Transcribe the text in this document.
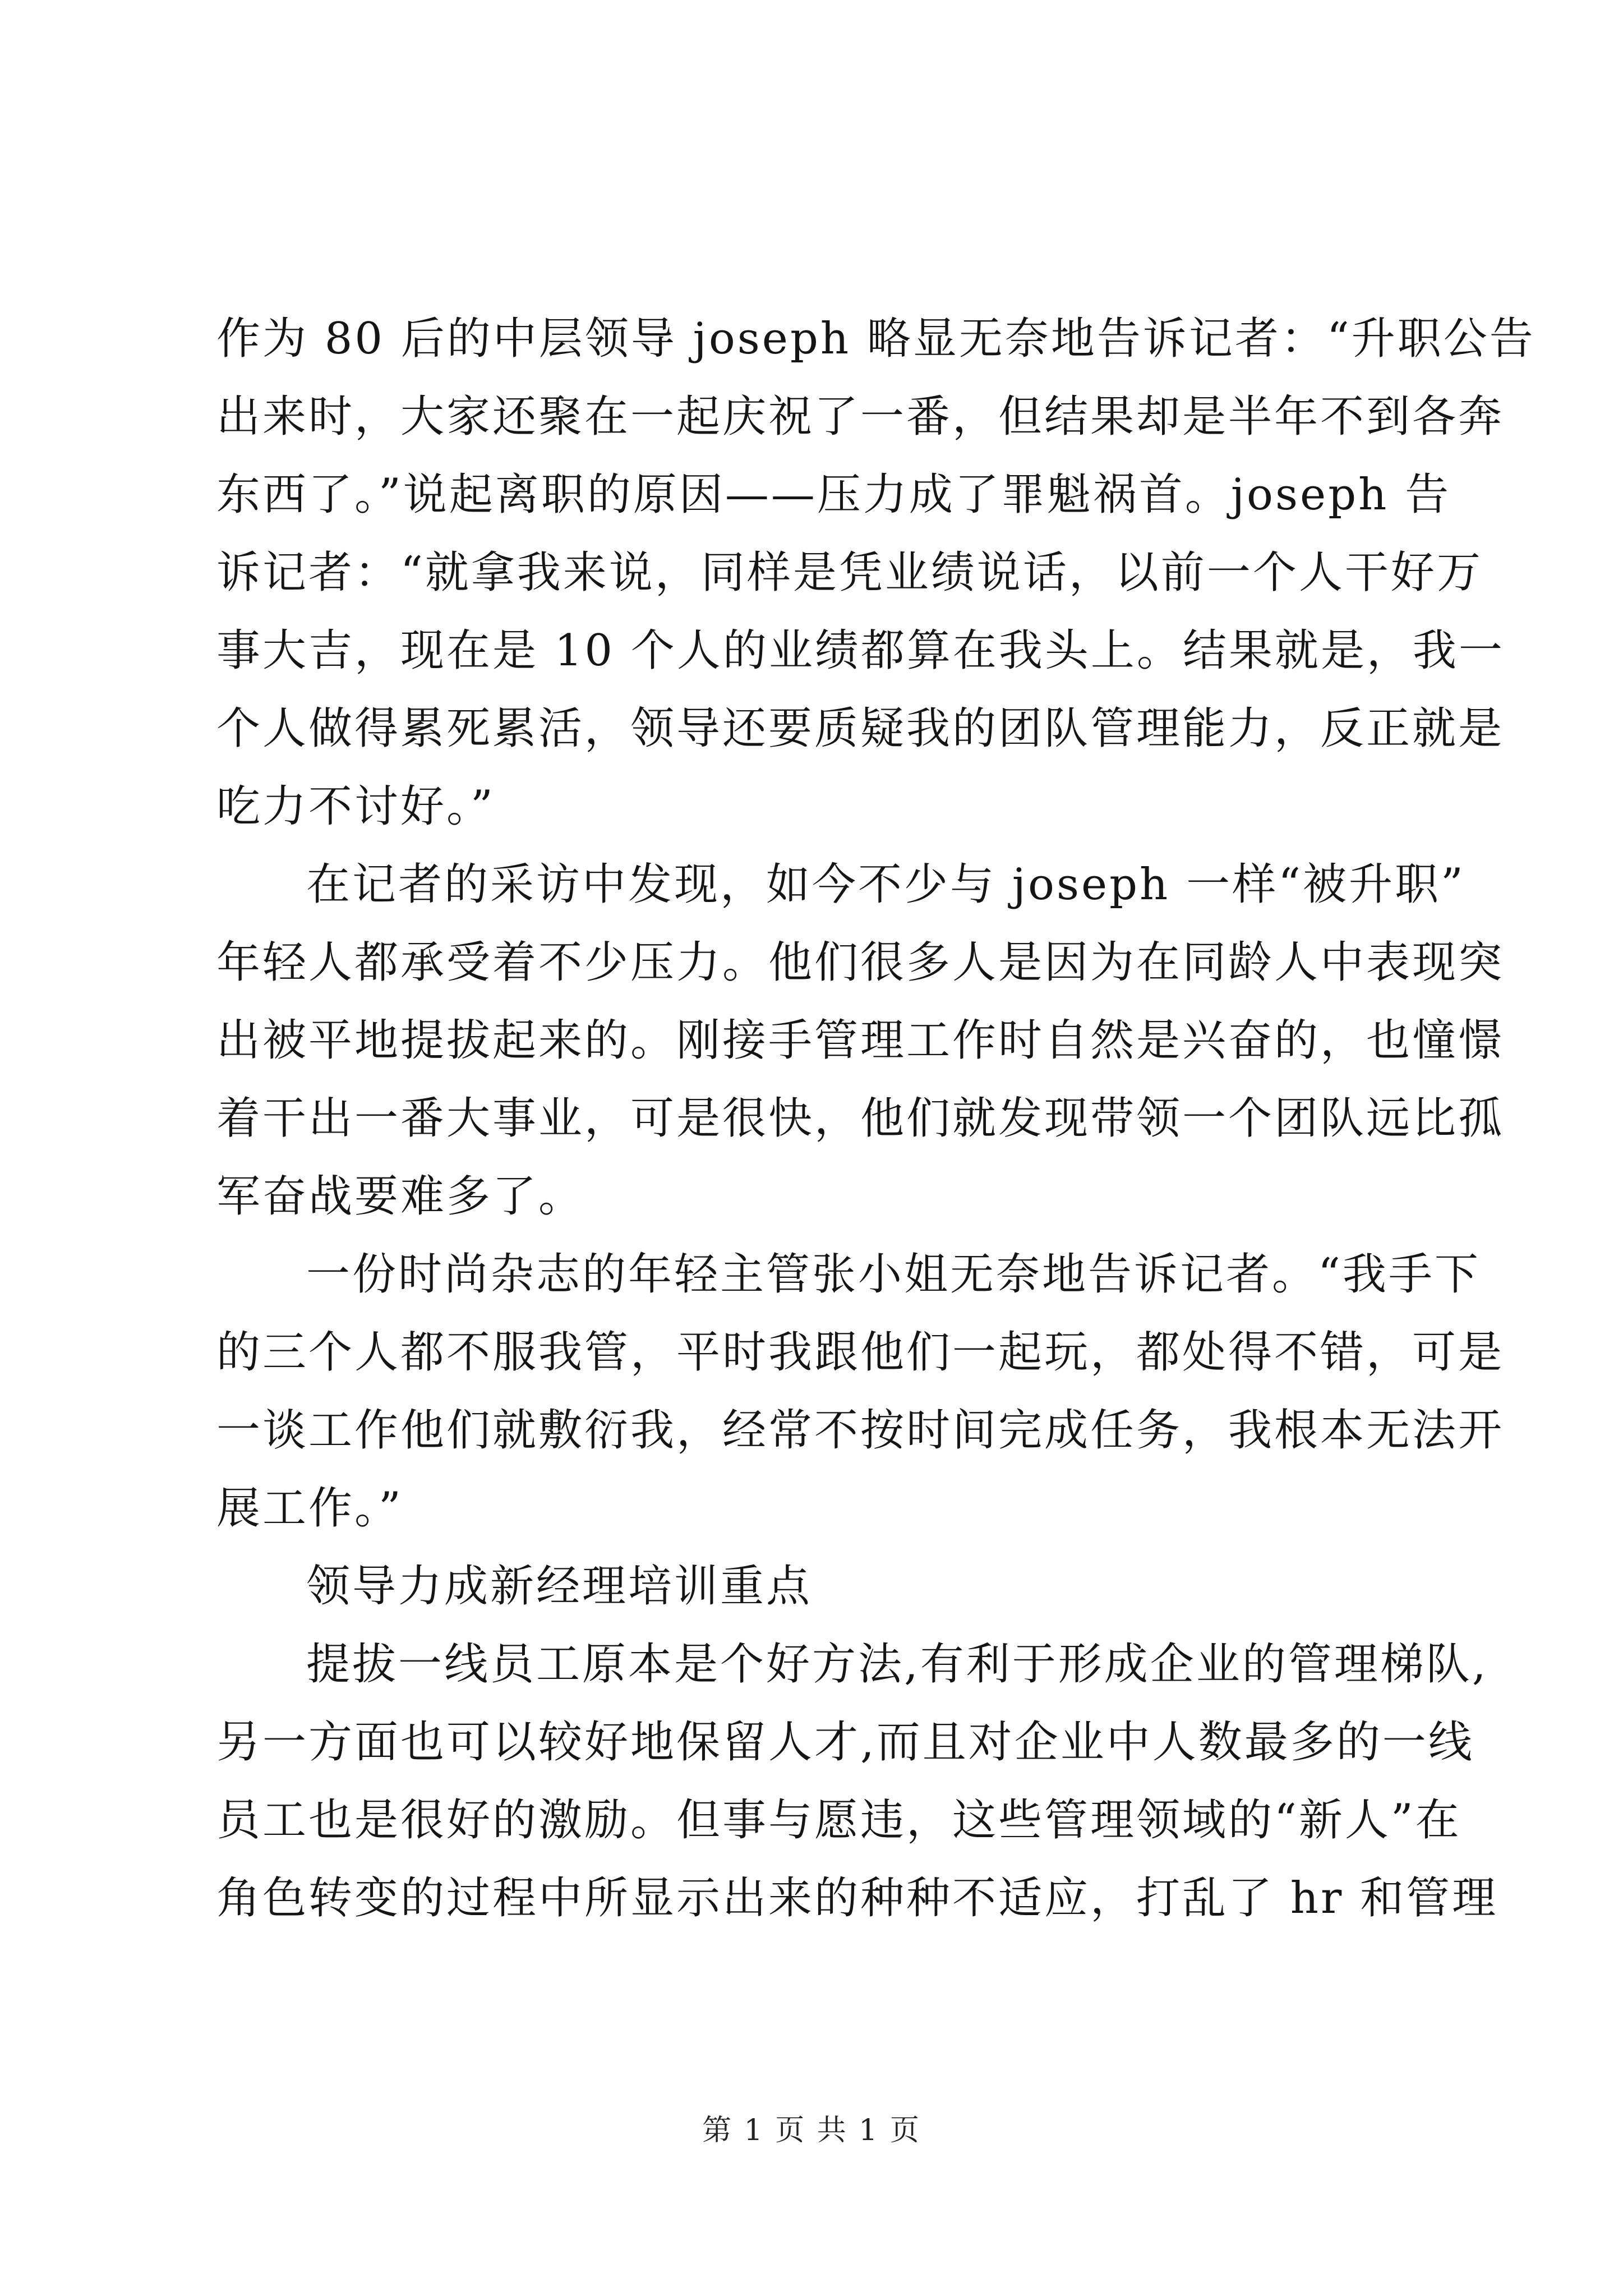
作为 80 后的中层领导 joseph 略显无奈地告诉记者：“升职公告
出来时，大家还聚在一起庆祝了一番，但结果却是半年不到各奔
东西了。”说起离职的原因——压力成了罪魁祸首。joseph 告
诉记者：“就拿我来说，同样是凭业绩说话，以前一个人干好万
事大吉，现在是 10 个人的业绩都算在我头上。结果就是，我一
个人做得累死累活，领导还要质疑我的团队管理能力，反正就是
吃力不讨好。”
在记者的采访中发现，如今不少与 joseph 一样“被升职”
年轻人都承受着不少压力。他们很多人是因为在同龄人中表现突
出被平地提拔起来的。刚接手管理工作时自然是兴奋的，也憧憬
着干出一番大事业，可是很快，他们就发现带领一个团队远比孤
军奋战要难多了。
一份时尚杂志的年轻主管张小姐无奈地告诉记者。“我手下
的三个人都不服我管，平时我跟他们一起玩，都处得不错，可是
一谈工作他们就敷衍我，经常不按时间完成任务，我根本无法开
展工作。”
领导力成新经理培训重点
提拔一线员工原本是个好方法,有利于形成企业的管理梯队,
另一方面也可以较好地保留人才,而且对企业中人数最多的一线
员工也是很好的激励。但事与愿违，这些管理领域的“新人”在
角色转变的过程中所显示出来的种种不适应，打乱了 hr 和管理
第 1 页 共 1 页
